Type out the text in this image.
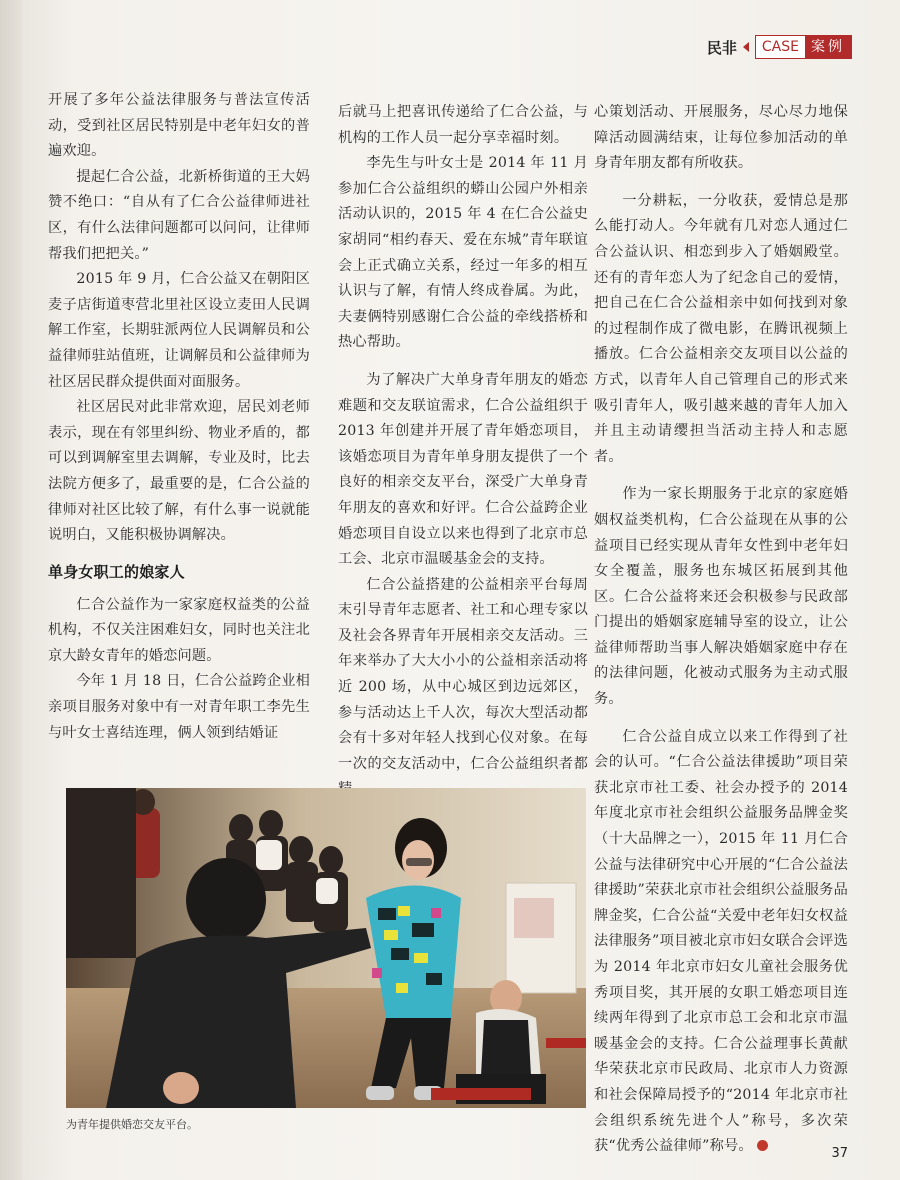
民非	CASE 案例

开展了多年公益法律服务与普法宣传活动，受到社区居民特别是中老年妇女的普遍欢迎。

提起仁合公益，北新桥街道的王大妈赞不绝口：“自从有了仁合公益律师进社区，有什么法律问题都可以问问，让律师帮我们把把关。”

2015 年 9 月，仁合公益又在朝阳区麦子店街道枣营北里社区设立麦田人民调解工作室，长期驻派两位人民调解员和公益律师驻站值班，让调解员和公益律师为社区居民群众提供面对面服务。

社区居民对此非常欢迎，居民刘老师表示，现在有邻里纠纷、物业矛盾的，都可以到调解室里去调解，专业及时，比去法院方便多了，最重要的是，仁合公益的律师对社区比较了解，有什么事一说就能说明白，又能积极协调解决。

单身女职工的娘家人

仁合公益作为一家家庭权益类的公益机构，不仅关注困难妇女，同时也关注北京大龄女青年的婚恋问题。

今年 1 月 18 日，仁合公益跨企业相亲项目服务对象中有一对青年职工李先生与叶女士喜结连理，俩人领到结婚证

后就马上把喜讯传递给了仁合公益，与机构的工作人员一起分享幸福时刻。

李先生与叶女士是 2014 年 11 月参加仁合公益组织的蟒山公园户外相亲活动认识的，2015 年 4 在仁合公益史家胡同“相约春天、爱在东城”青年联谊会上正式确立关系，经过一年多的相互认识与了解，有情人终成眷属。为此，夫妻俩特别感谢仁合公益的牵线搭桥和热心帮助。

为了解决广大单身青年朋友的婚恋难题和交友联谊需求，仁合公益组织于 2013 年创建并开展了青年婚恋项目，该婚恋项目为青年单身朋友提供了一个良好的相亲交友平台，深受广大单身青年朋友的喜欢和好评。仁合公益跨企业婚恋项目自设立以来也得到了北京市总工会、北京市温暖基金会的支持。

仁合公益搭建的公益相亲平台每周末引导青年志愿者、社工和心理专家以及社会各界青年开展相亲交友活动。三年来举办了大大小小的公益相亲活动将近 200 场，从中心城区到边远郊区，参与活动达上千人次，每次大型活动都会有十多对年轻人找到心仪对象。在每一次的交友活动中，仁合公益组织者都

心策划活动、开展服务，尽心尽力地保障活动圆满结束，让每位参加活动的单身青年朋友都有所收获。

一分耕耘，一分收获，爱情总是那么能打动人。今年就有几对恋人通过仁合公益认识、相恋到步入了婚姻殿堂。还有的青年恋人为了纪念自己的爱情，把自己在仁合公益相亲中如何找到对象的过程制作成了微电影，在腾讯视频上播放。仁合公益相亲交友项目以公益的方式，以青年人自己管理自己的形式来吸引青年人，吸引越来越的青年人加入并且主动请缨担当活动主持人和志愿者。

作为一家长期服务于北京的家庭婚姻权益类机构，仁合公益现在从事的公益项目已经实现从青年女性到中老年妇女全覆盖，服务也东城区拓展到其他区。仁合公益将来还会积极参与民政部门提出的婚姻家庭辅导室的设立，让公益律师帮助当事人解决婚姻家庭中存在的法律问题，化被动式服务为主动式服务。

仁合公益自成立以来工作得到了社会的认可。“仁合公益法律援助”项目荣获北京市社工委、社会办授予的 2014 年度北京市社会组织公益服务品牌金奖（十大品牌之一），2015 年 11 月仁合公益与法律研究中心开展的“仁合公益法律援助”荣获北京市社会组织公益服务品牌金奖，仁合公益“关爱中老年妇女权益法律服务”项目被北京市妇女联合会评选为 2014 年北京市妇女儿童社会服务优秀项目奖，其开展的女职工婚恋项目连续两年得到了北京市总工会和北京市温暖基金会的支持。仁合公益理事长黄献华荣获北京市民政局、北京市人力资源和社会保障局授予的“2014 年北京市社会组织系统先进个人”称号，多次荣获“优秀公益律师”称号。

为青年提供婚恋交友平台。
37
